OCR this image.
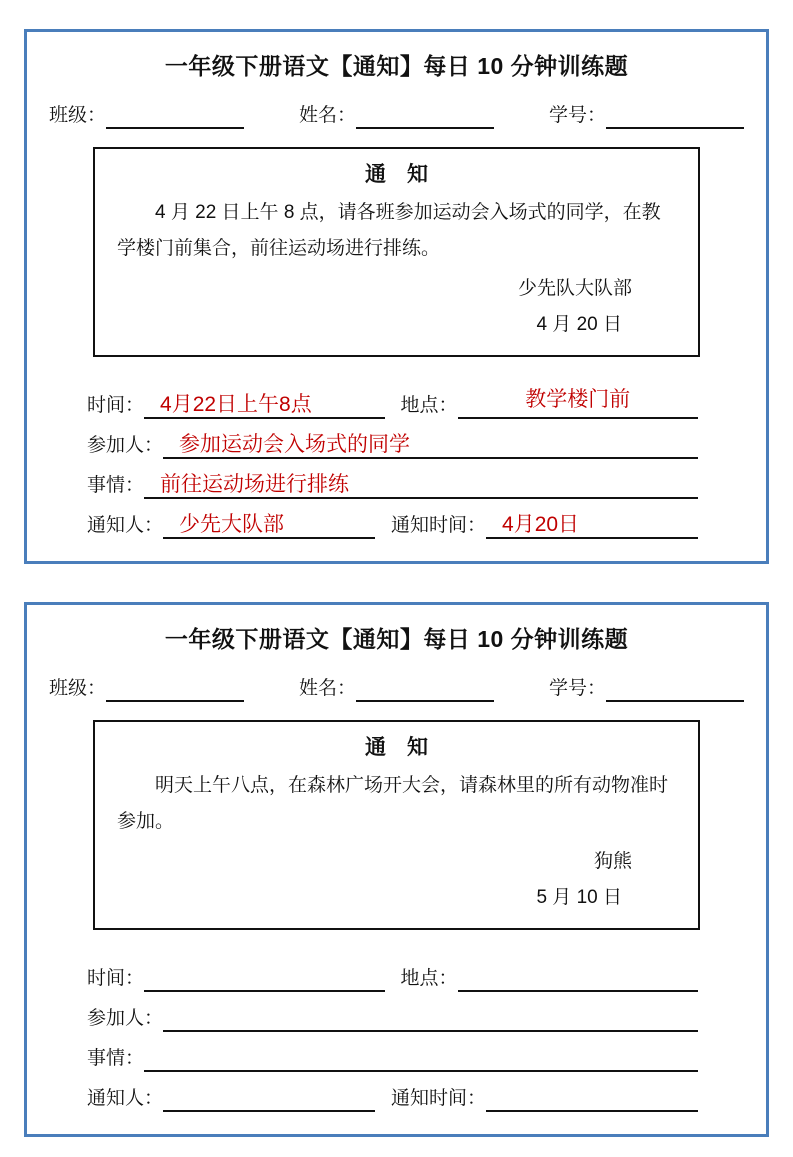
一年级下册语文【通知】每日 10 分钟训练题
班级：	姓名：	学号：
通　知

4 月 22 日上午 8 点，请各班参加运动会入场式的同学，在教学楼门前集合，前往运动场进行排练。

少先队大队部
4 月 20 日
时间： 4月22日上午8点	地点：	教学楼门前
参加人： 参加运动会入场式的同学
事情： 前往运动场进行排练
通知人： 少先大队部	通知时间： 4月20日
一年级下册语文【通知】每日 10 分钟训练题
班级：	姓名：	学号：
通　知

明天上午八点，在森林广场开大会，请森林里的所有动物准时参加。

狗熊
5 月 10 日
时间：	地点：
参加人：
事情：
通知人：	通知时间：
